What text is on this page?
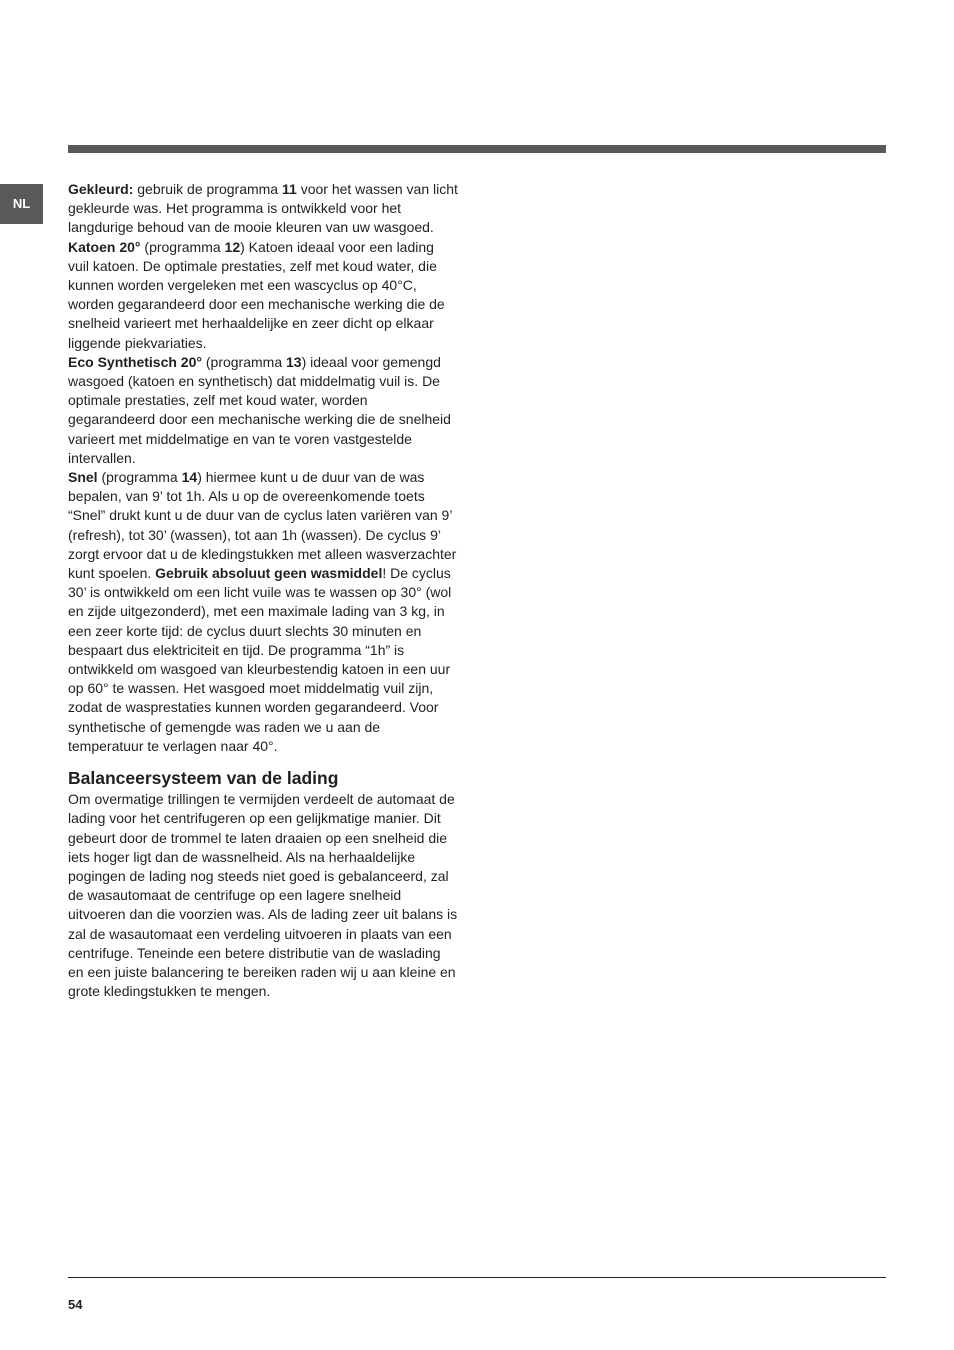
NL

Gekleurd: gebruik de programma 11 voor het wassen van licht gekleurde was. Het programma is ontwikkeld voor het langdurige behoud van de mooie kleuren van uw wasgoed.

Katoen 20° (programma 12) Katoen ideaal voor een lading vuil katoen. De optimale prestaties, zelf met koud water, die kunnen worden vergeleken met een wascyclus op 40°C, worden gegarandeerd door een mechanische werking die de snelheid varieert met herhaaldelijke en zeer dicht op elkaar liggende piekvariaties.

Eco Synthetisch 20° (programma 13) ideaal voor gemengd wasgoed (katoen en synthetisch) dat middelmatig vuil is. De optimale prestaties, zelf met koud water, worden gegarandeerd door een mechanische werking die de snelheid varieert met middelmatige en van te voren vastgestelde intervallen.

Snel (programma 14) hiermee kunt u de duur van de was bepalen, van 9’ tot 1h. Als u op de overeenkomende toets “Snel” drukt kunt u de duur van de cyclus laten variëren van 9’ (refresh), tot 30’ (wassen), tot aan 1h (wassen). De cyclus 9’ zorgt ervoor dat u de kledingstukken met alleen wasverzachter kunt spoelen. Gebruik absoluut geen wasmiddel! De cyclus 30’ is ontwikkeld om een licht vuile was te wassen op 30° (wol en zijde uitgezonderd), met een maximale lading van 3 kg, in een zeer korte tijd: de cyclus duurt slechts 30 minuten en bespaart dus elektriciteit en tijd. De programma “1h” is ontwikkeld om wasgoed van kleurbestendig katoen in een uur op 60° te wassen. Het wasgoed moet middelmatig vuil zijn, zodat de wasprestaties kunnen worden gegarandeerd. Voor synthetische of gemengde was raden we u aan de temperatuur te verlagen naar 40°.

Balanceersysteem van de lading

Om overmatige trillingen te vermijden verdeelt de automaat de lading voor het centrifugeren op een gelijkmatige manier. Dit gebeurt door de trommel te laten draaien op een snelheid die iets hoger ligt dan de wassnelheid. Als na herhaaldelijke pogingen de lading nog steeds niet goed is gebalanceerd, zal de wasautomaat de centrifuge op een lagere snelheid uitvoeren dan die voorzien was. Als de lading zeer uit balans is zal de wasautomaat een verdeling uitvoeren in plaats van een centrifuge. Teneinde een betere distributie van de waslading en een juiste balancering te bereiken raden wij u aan kleine en grote kledingstukken te mengen.

54
